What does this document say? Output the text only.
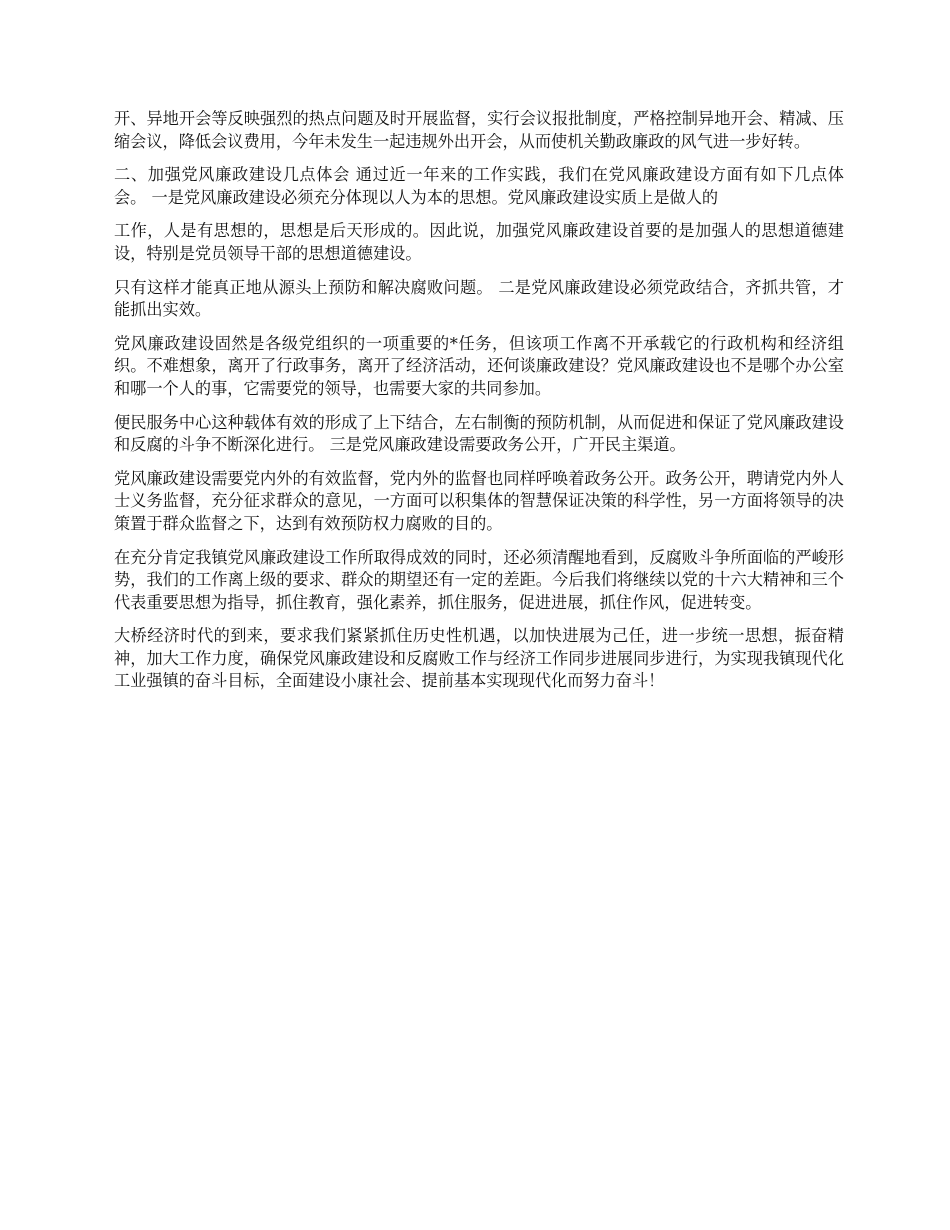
开、异地开会等反映强烈的热点问题及时开展监督，实行会议报批制度，严格控制异地开会、精减、压缩会议，降低会议费用，今年未发生一起违规外出开会，从而使机关勤政廉政的风气进一步好转。

二、加强党风廉政建设几点体会 通过近一年来的工作实践，我们在党风廉政建设方面有如下几点体会。 一是党风廉政建设必须充分体现以人为本的思想。党风廉政建设实质上是做人的

工作，人是有思想的，思想是后天形成的。因此说，加强党风廉政建设首要的是加强人的思想道德建设，特别是党员领导干部的思想道德建设。

只有这样才能真正地从源头上预防和解决腐败问题。 二是党风廉政建设必须党政结合，齐抓共管，才能抓出实效。

党风廉政建设固然是各级党组织的一项重要的*任务，但该项工作离不开承载它的行政机构和经济组织。不难想象，离开了行政事务，离开了经济活动，还何谈廉政建设？党风廉政建设也不是哪个办公室和哪一个人的事，它需要党的领导，也需要大家的共同参加。

便民服务中心这种载体有效的形成了上下结合，左右制衡的预防机制，从而促进和保证了党风廉政建设和反腐的斗争不断深化进行。 三是党风廉政建设需要政务公开，广开民主渠道。

党风廉政建设需要党内外的有效监督，党内外的监督也同样呼唤着政务公开。政务公开，聘请党内外人士义务监督，充分征求群众的意见，一方面可以积集体的智慧保证决策的科学性，另一方面将领导的决策置于群众监督之下，达到有效预防权力腐败的目的。

在充分肯定我镇党风廉政建设工作所取得成效的同时，还必须清醒地看到，反腐败斗争所面临的严峻形势，我们的工作离上级的要求、群众的期望还有一定的差距。今后我们将继续以党的十六大精神和三个代表重要思想为指导，抓住教育，强化素养，抓住服务，促进进展，抓住作风，促进转变。

大桥经济时代的到来，要求我们紧紧抓住历史性机遇，以加快进展为己任，进一步统一思想，振奋精神，加大工作力度，确保党风廉政建设和反腐败工作与经济工作同步进展同步进行，为实现我镇现代化工业强镇的奋斗目标，全面建设小康社会、提前基本实现现代化而努力奋斗！
